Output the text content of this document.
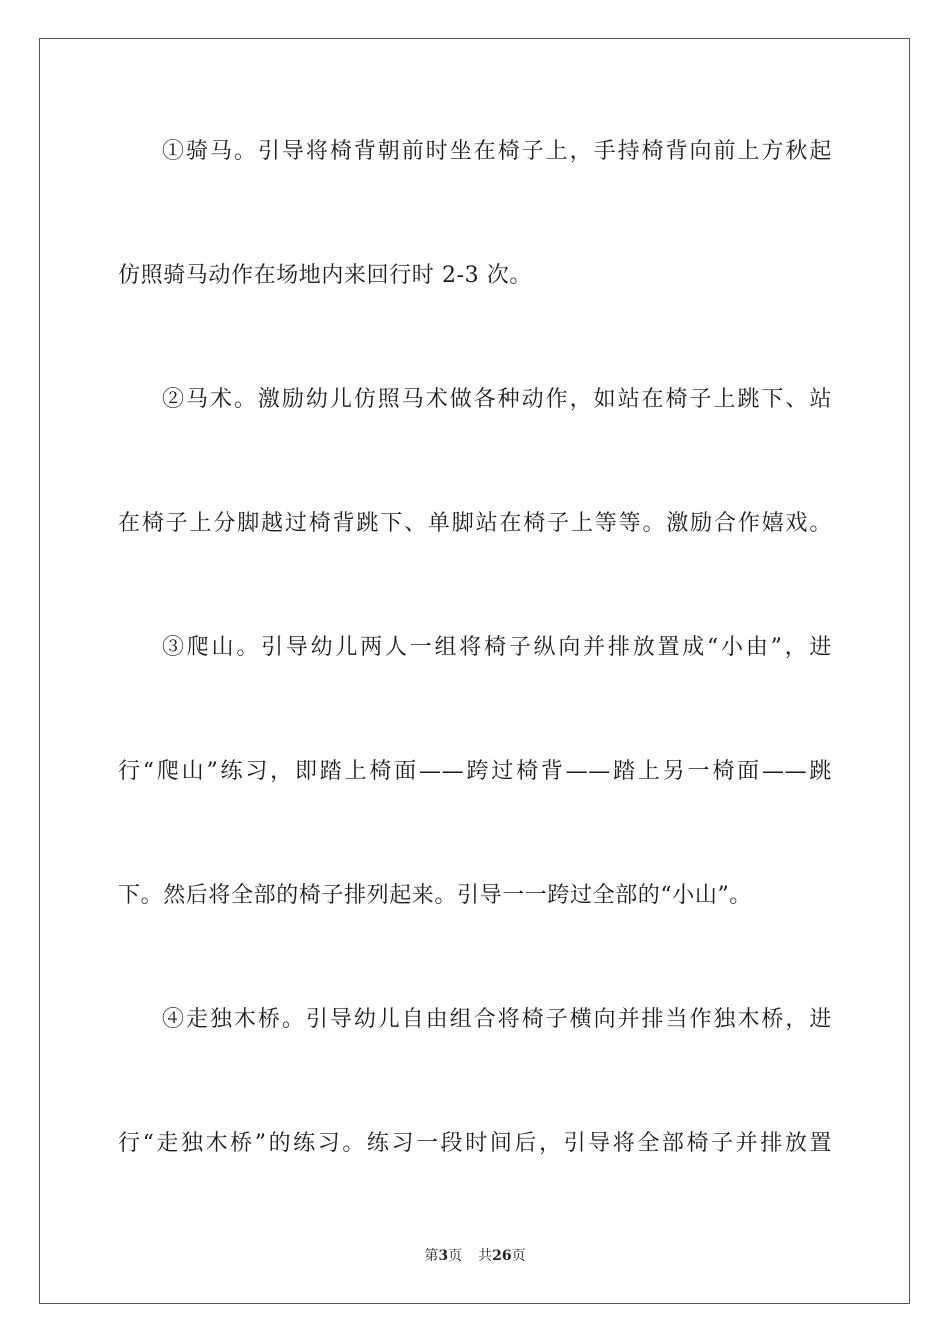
①骑马。引导将椅背朝前时坐在椅子上，手持椅背向前上方秋起
仿照骑马动作在场地内来回行时 2-3 次。
②马术。激励幼儿仿照马术做各种动作，如站在椅子上跳下、站
在椅子上分脚越过椅背跳下、单脚站在椅子上等等。激励合作嬉戏。
③爬山。引导幼儿两人一组将椅子纵向并排放置成“小由”，进
行“爬山”练习，即踏上椅面——跨过椅背——踏上另一椅面——跳
下。然后将全部的椅子排列起来。引导一一跨过全部的“小山”。
④走独木桥。引导幼儿自由组合将椅子横向并排当作独木桥，进
行“走独木桥”的练习。练习一段时间后，引导将全部椅子并排放置
第3页 共26页
